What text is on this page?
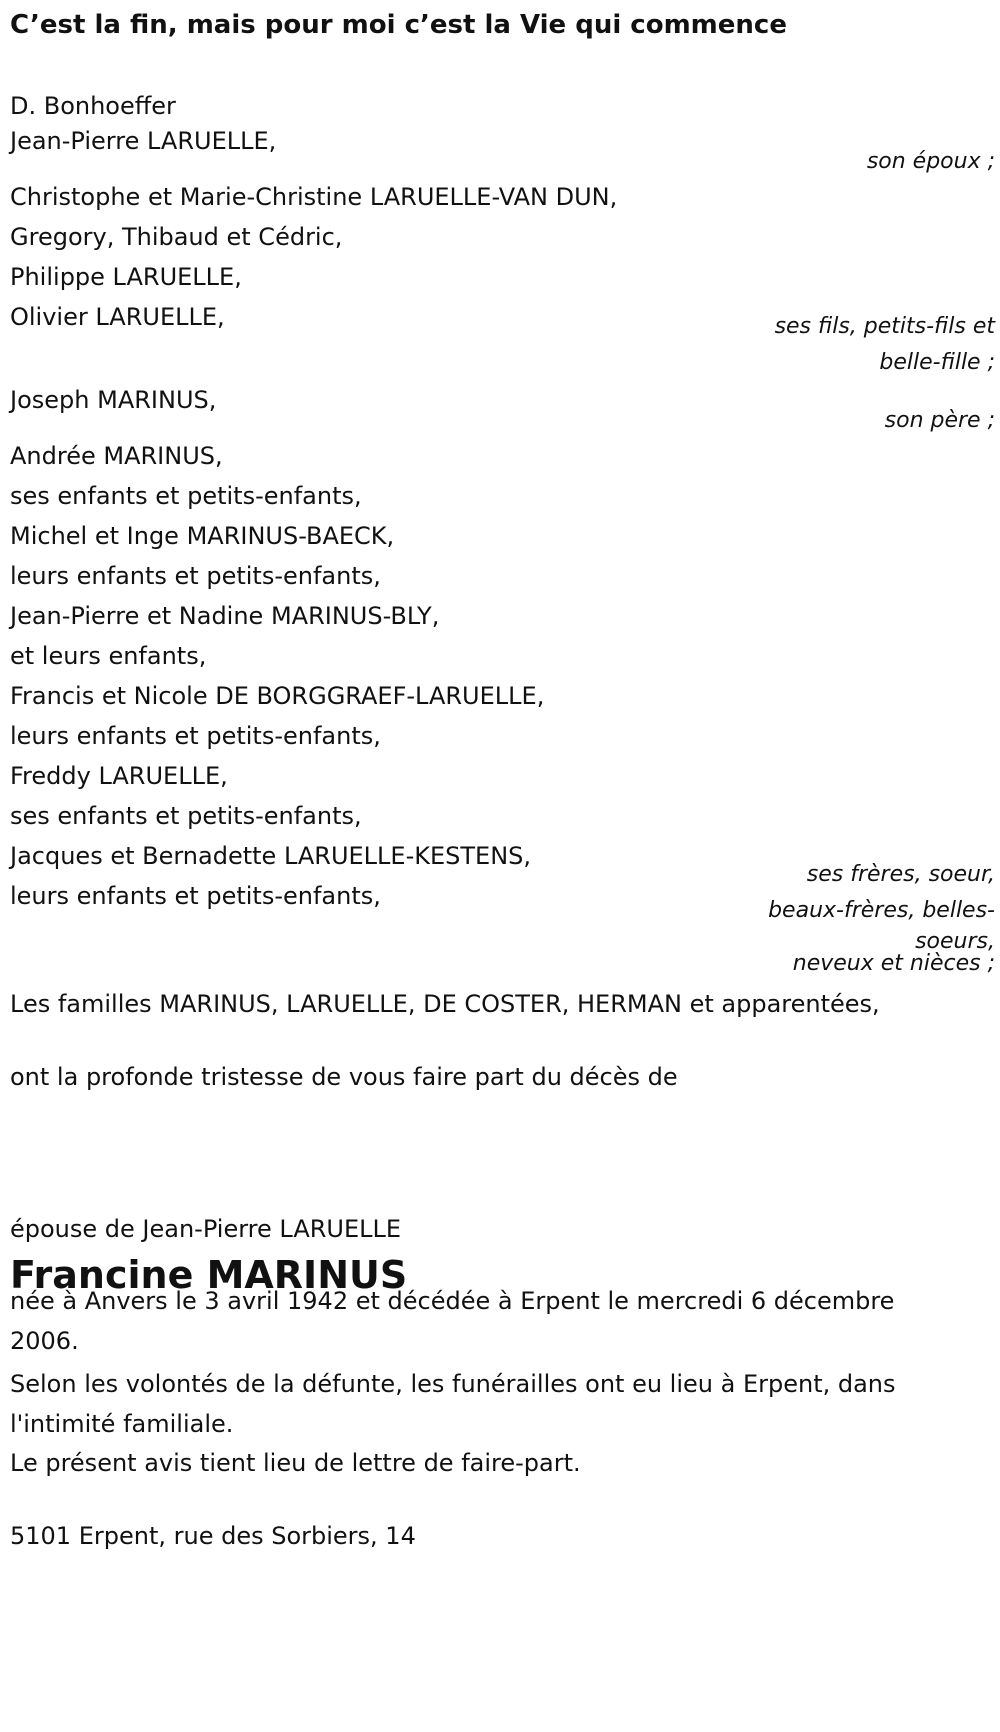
C’est la fin, mais pour moi c’est la Vie qui commence

D. Bonhoeffer

Jean-Pierre LARUELLE,

son époux ;

Christophe et Marie-Christine LARUELLE-VAN DUN,

Gregory, Thibaud et Cédric,

Philippe LARUELLE,

Olivier LARUELLE,	ses fils, petits-fils et

belle-fille ;

Joseph MARINUS,

son père ;

Andrée MARINUS,

ses enfants et petits-enfants,

Michel et Inge MARINUS-BAECK,

leurs enfants et petits-enfants,

Jean-Pierre et Nadine MARINUS-BLY,

et leurs enfants,

Francis et Nicole DE BORGGRAEF-LARUELLE,

leurs enfants et petits-enfants,

Freddy LARUELLE,

ses enfants et petits-enfants,

Jacques et Bernadette LARUELLE-KESTENS,

leurs enfants et petits-enfants,

ses frères, soeur,

beaux-frères, belles-

soeurs,

neveux et nièces ;

Les familles MARINUS, LARUELLE, DE COSTER, HERMAN et apparentées,

ont la profonde tristesse de vous faire part du décès de

Francine MARINUS

épouse de Jean-Pierre LARUELLE

née à Anvers le 3 avril 1942 et décédée à Erpent le mercredi 6 décembre

2006.

Selon les volontés de la défunte, les funérailles ont eu lieu à Erpent, dans

l'intimité familiale.

Le présent avis tient lieu de lettre de faire-part.

5101 Erpent, rue des Sorbiers, 14
